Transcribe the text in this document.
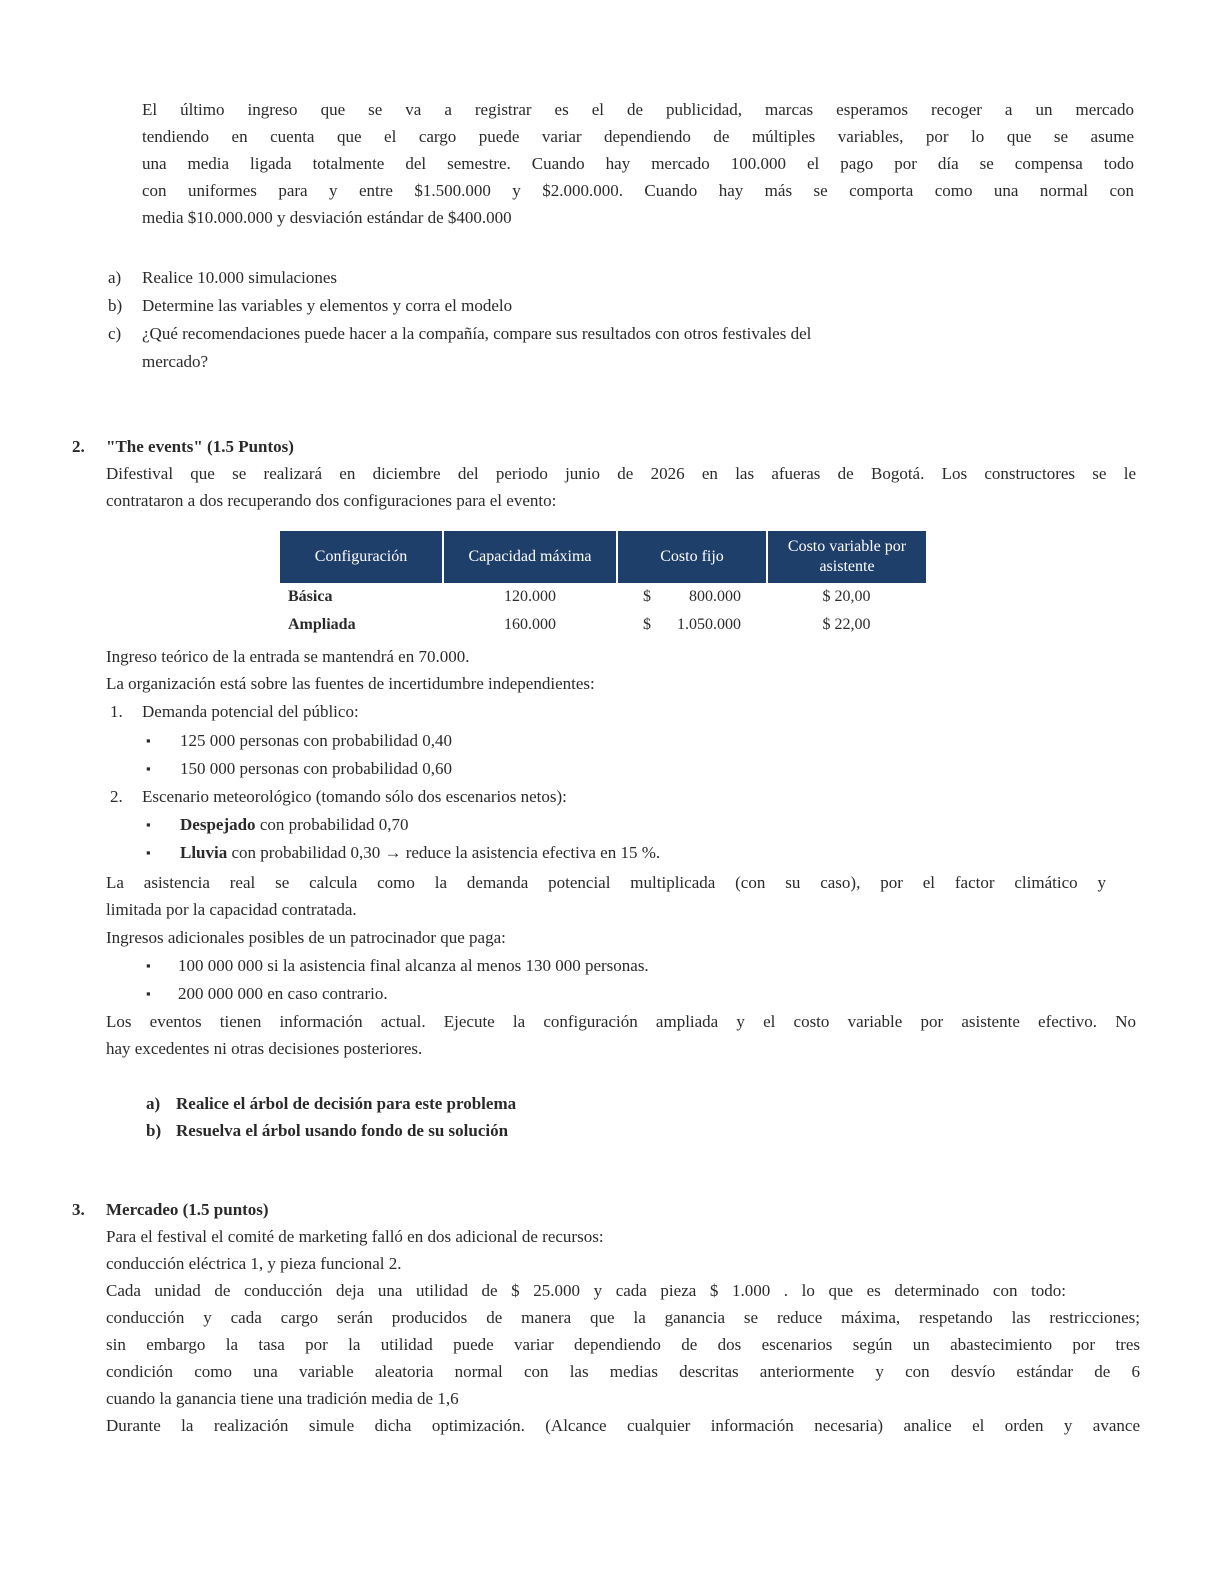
El último ingreso que se va a registrar es el de publicidad, marcas esperamos recoger a un mercado
tendiendo en cuenta que el cargo puede variar dependiendo de múltiples variables, por lo que se asume
una media ligada totalmente del semestre. Cuando hay mercado 100.000 el pago por día se compensa todo
con uniformes para y entre $1.500.000 y $2.000.000. Cuando hay más se comporta como una normal con
media $10.000.000 y desviación estándar de $400.000
a) Realice 10.000 simulaciones
b) Determine las variables y elementos y corra el modelo
c) ¿Qué recomendaciones puede hacer a la compañía, compare sus resultados con otros festivales del
mercado?
2. "The events" (1.5 Puntos)
Difestival que se realizará en diciembre del periodo junio de 2026 en las afueras de Bogotá. Los constructores se le
contrataron a dos recuperando dos configuraciones para el evento:
Configuración	Capacidad máxima	Costo fijo	Costo variable por asistente
Básica	120.000	$ 800.000	$ 20,00
Ampliada	160.000	$ 1.050.000	$ 22,00
Ingreso teórico de la entrada se mantendrá en 70.000.
La organización está sobre las fuentes de incertidumbre independientes:
1. Demanda potencial del público:
▪ 125 000 personas con probabilidad 0,40
▪ 150 000 personas con probabilidad 0,60
2. Escenario meteorológico (tomando sólo dos escenarios netos):
▪ Despejado con probabilidad 0,70
▪ Lluvia con probabilidad 0,30 → reduce la asistencia efectiva en 15 %.
La asistencia real se calcula como la demanda potencial multiplicada (con su caso), por el factor climático y
limitada por la capacidad contratada.
Ingresos adicionales posibles de un patrocinador que paga:
▪ 100 000 000 si la asistencia final alcanza al menos 130 000 personas.
▪ 200 000 000 en caso contrario.
Los eventos tienen información actual. Ejecute la configuración ampliada y el costo variable por asistente efectivo. No
hay excedentes ni otras decisiones posteriores.
a) Realice el árbol de decisión para este problema
b) Resuelva el árbol usando fondo de su solución
3. Mercadeo (1.5 puntos)
Para el festival el comité de marketing falló en dos adicional de recursos:
conducción eléctrica 1, y pieza funcional 2.
Cada unidad de conducción deja una utilidad de $ 25.000 y cada pieza $ 1.000 . lo que es determinado con todo:
conducción y cada cargo serán producidos de manera que la ganancia se reduce máxima, respetando las restricciones;
sin embargo la tasa por la utilidad puede variar dependiendo de dos escenarios según un abastecimiento por tres
condición como una variable aleatoria normal con las medias descritas anteriormente y con desvío estándar de 6
cuando la ganancia tiene una tradición media de 1,6
Durante la realización simule dicha optimización. (Alcance cualquier información necesaria) analice el orden y avance
